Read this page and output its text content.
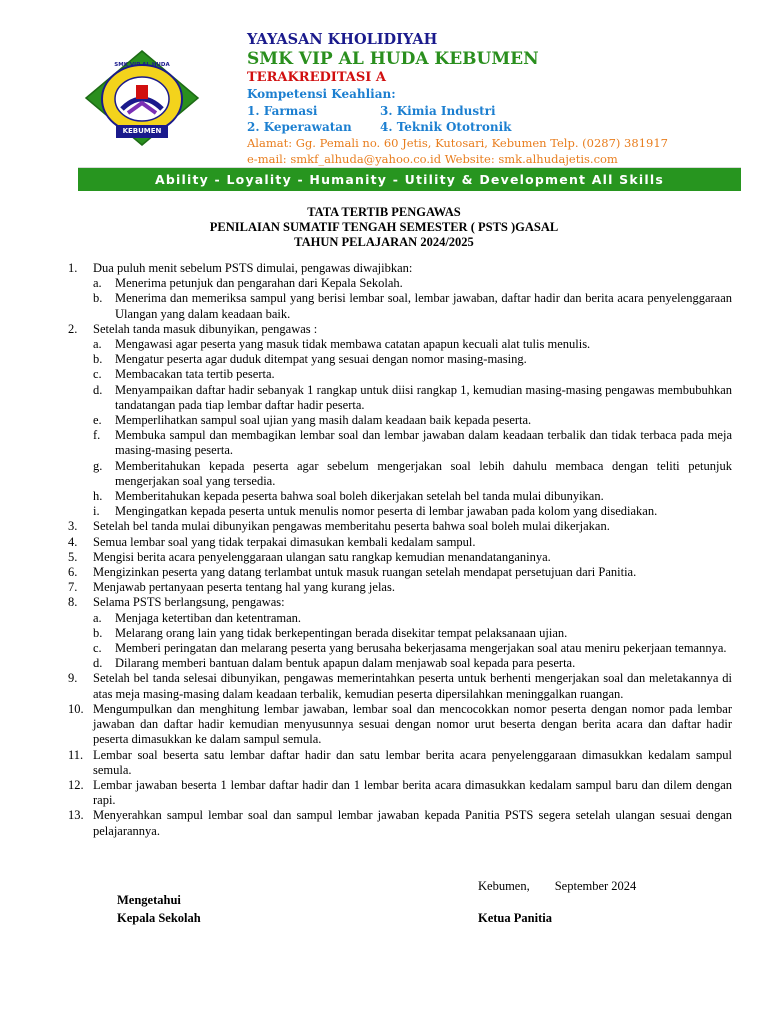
SMK VIP AL HUDA
KEBUMEN
YAYASAN KHOLIDIYAH
SMK VIP AL HUDA KEBUMEN
TERAKREDITASI A
Kompetensi Keahlian:
1. Farmasi	3. Kimia Industri
2. Keperawatan	4. Teknik Ototronik
Alamat: Gg. Pemali no. 60 Jetis, Kutosari, Kebumen Telp. (0287) 381917
e-mail: smkf_alhuda@yahoo.co.id Website: smk.alhudajetis.com
Ability - Loyality - Humanity - Utility & Development All Skills
TATA TERTIB PENGAWAS
PENILAIAN SUMATIF TENGAH SEMESTER ( PSTS )GASAL
TAHUN PELAJARAN 2024/2025
1. Dua puluh menit sebelum PSTS dimulai, pengawas diwajibkan:
a. Menerima petunjuk dan pengarahan dari Kepala Sekolah.
b. Menerima dan memeriksa sampul yang berisi lembar soal, lembar jawaban, daftar hadir dan berita acara penyelenggaraan Ulangan yang dalam keadaan baik.
2. Setelah tanda masuk dibunyikan, pengawas :
a. Mengawasi agar peserta yang masuk tidak membawa catatan apapun kecuali alat tulis menulis.
b. Mengatur peserta agar duduk ditempat yang sesuai dengan nomor masing-masing.
c. Membacakan tata tertib peserta.
d. Menyampaikan daftar hadir sebanyak 1 rangkap untuk diisi rangkap 1, kemudian masing-masing pengawas membubuhkan tandatangan pada tiap lembar daftar hadir peserta.
e. Memperlihatkan sampul soal ujian yang masih dalam keadaan baik kepada peserta.
f. Membuka sampul dan membagikan lembar soal dan lembar jawaban dalam keadaan terbalik dan tidak terbaca pada meja masing-masing peserta.
g. Memberitahukan kepada peserta agar sebelum mengerjakan soal lebih dahulu membaca dengan teliti petunjuk mengerjakan soal yang tersedia.
h. Memberitahukan kepada peserta bahwa soal boleh dikerjakan setelah bel tanda mulai dibunyikan.
i. Mengingatkan kepada peserta untuk menulis nomor peserta di lembar jawaban pada kolom yang disediakan.
3. Setelah bel tanda mulai dibunyikan pengawas memberitahu peserta bahwa soal boleh mulai dikerjakan.
4. Semua lembar soal yang tidak terpakai dimasukan kembali kedalam sampul.
5. Mengisi berita acara penyelenggaraan ulangan satu rangkap kemudian menandatanganinya.
6. Mengizinkan peserta yang datang terlambat untuk masuk ruangan setelah mendapat persetujuan dari Panitia.
7. Menjawab pertanyaan peserta tentang hal yang kurang jelas.
8. Selama PSTS berlangsung, pengawas:
a. Menjaga ketertiban dan ketentraman.
b. Melarang orang lain yang tidak berkepentingan berada disekitar tempat pelaksanaan ujian.
c. Memberi peringatan dan melarang peserta yang berusaha bekerjasama mengerjakan soal atau meniru pekerjaan temannya.
d. Dilarang memberi bantuan dalam bentuk apapun dalam menjawab soal kepada para peserta.
9. Setelah bel tanda selesai dibunyikan, pengawas memerintahkan peserta untuk berhenti mengerjakan soal dan meletakannya di atas meja masing-masing dalam keadaan terbalik, kemudian peserta dipersilahkan meninggalkan ruangan.
10. Mengumpulkan dan menghitung lembar jawaban, lembar soal dan mencocokkan nomor peserta dengan nomor pada lembar jawaban dan daftar hadir kemudian menyusunnya sesuai dengan nomor urut beserta dengan berita acara dan daftar hadir peserta dimasukkan ke dalam sampul semula.
11. Lembar soal beserta satu lembar daftar hadir dan satu lembar berita acara penyelenggaraan dimasukkan kedalam sampul semula.
12. Lembar jawaban beserta 1 lembar daftar hadir dan 1 lembar berita acara dimasukkan kedalam sampul baru dan dilem dengan rapi.
13. Menyerahkan sampul lembar soal dan sampul lembar jawaban kepada Panitia PSTS segera setelah ulangan sesuai dengan pelajarannya.
Kebumen,        September 2024
Mengetahui
Kepala Sekolah	Ketua Panitia
